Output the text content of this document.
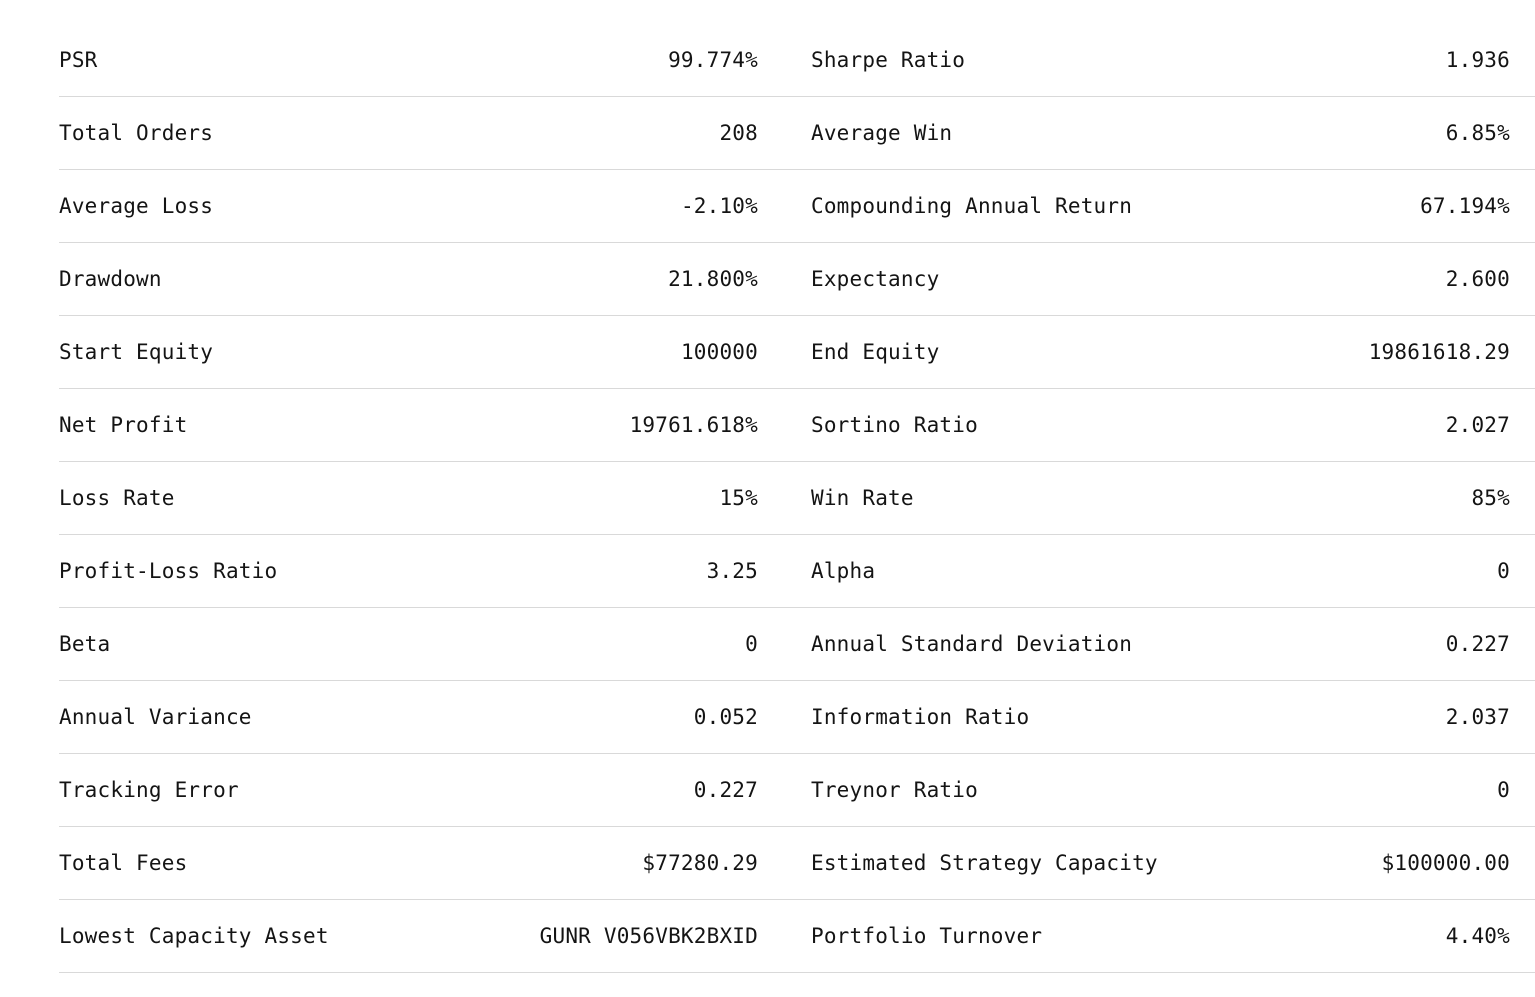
PSR	99.774%	Sharpe Ratio	1.936
Total Orders	208	Average Win	6.85%
Average Loss	-2.10%	Compounding Annual Return	67.194%
Drawdown	21.800%	Expectancy	2.600
Start Equity	100000	End Equity	19861618.29
Net Profit	19761.618%	Sortino Ratio	2.027
Loss Rate	15%	Win Rate	85%
Profit-Loss Ratio	3.25	Alpha	0
Beta	0	Annual Standard Deviation	0.227
Annual Variance	0.052	Information Ratio	2.037
Tracking Error	0.227	Treynor Ratio	0
Total Fees	$77280.29	Estimated Strategy Capacity	$100000.00
Lowest Capacity Asset	GUNR V056VBK2BXID	Portfolio Turnover	4.40%
